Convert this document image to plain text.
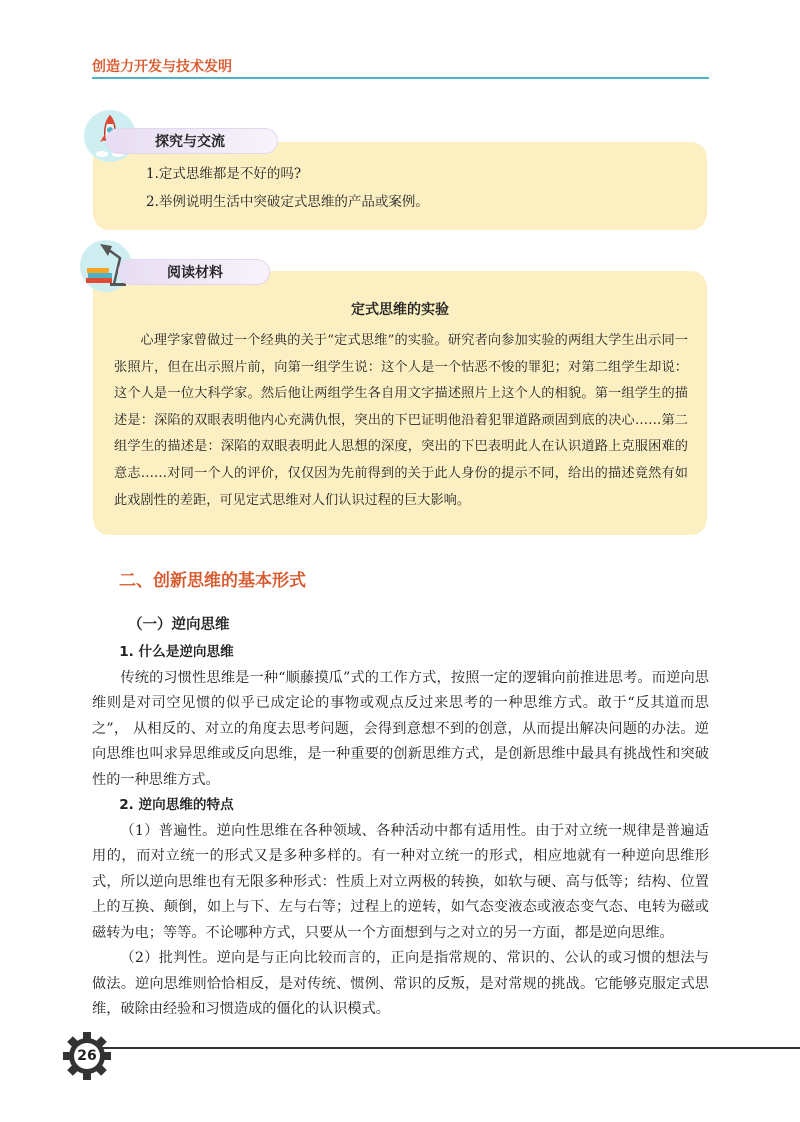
创造力开发与技术发明
探究与交流
1.定式思维都是不好的吗?
2.举例说明生活中突破定式思维的产品或案例。
阅读材料
定式思维的实验
心理学家曾做过一个经典的关于“定式思维”的实验。研究者向参加实验的两组大学生出示同一张照片，但在出示照片前，向第一组学生说：这个人是一个怙恶不悛的罪犯；对第二组学生却说：这个人是一位大科学家。然后他让两组学生各自用文字描述照片上这个人的相貌。第一组学生的描述是：深陷的双眼表明他内心充满仇恨，突出的下巴证明他沿着犯罪道路顽固到底的决心……第二组学生的描述是：深陷的双眼表明此人思想的深度，突出的下巴表明此人在认识道路上克服困难的意志……对同一个人的评价，仅仅因为先前得到的关于此人身份的提示不同，给出的描述竟然有如此戏剧性的差距，可见定式思维对人们认识过程的巨大影响。
二、创新思维的基本形式
（一）逆向思维

1. 什么是逆向思维

传统的习惯性思维是一种“顺藤摸瓜”式的工作方式，按照一定的逻辑向前推进思考。而逆向思维则是对司空见惯的似乎已成定论的事物或观点反过来思考的一种思维方式。敢于“反其道而思之”， 从相反的、对立的角度去思考问题，会得到意想不到的创意，从而提出解决问题的办法。逆向思维也叫求异思维或反向思维，是一种重要的创新思维方式，是创新思维中最具有挑战性和突破性的一种思维方式。

2. 逆向思维的特点

（1）普遍性。逆向性思维在各种领域、各种活动中都有适用性。由于对立统一规律是普遍适用的，而对立统一的形式又是多种多样的。有一种对立统一的形式，相应地就有一种逆向思维形式，所以逆向思维也有无限多种形式：性质上对立两极的转换，如软与硬、高与低等；结构、位置上的互换、颠倒，如上与下、左与右等；过程上的逆转，如气态变液态或液态变气态、电转为磁或磁转为电；等等。不论哪种方式，只要从一个方面想到与之对立的另一方面，都是逆向思维。

（2）批判性。逆向是与正向比较而言的，正向是指常规的、常识的、公认的或习惯的想法与做法。逆向思维则恰恰相反，是对传统、惯例、常识的反叛，是对常规的挑战。它能够克服定式思维，破除由经验和习惯造成的僵化的认识模式。

26
